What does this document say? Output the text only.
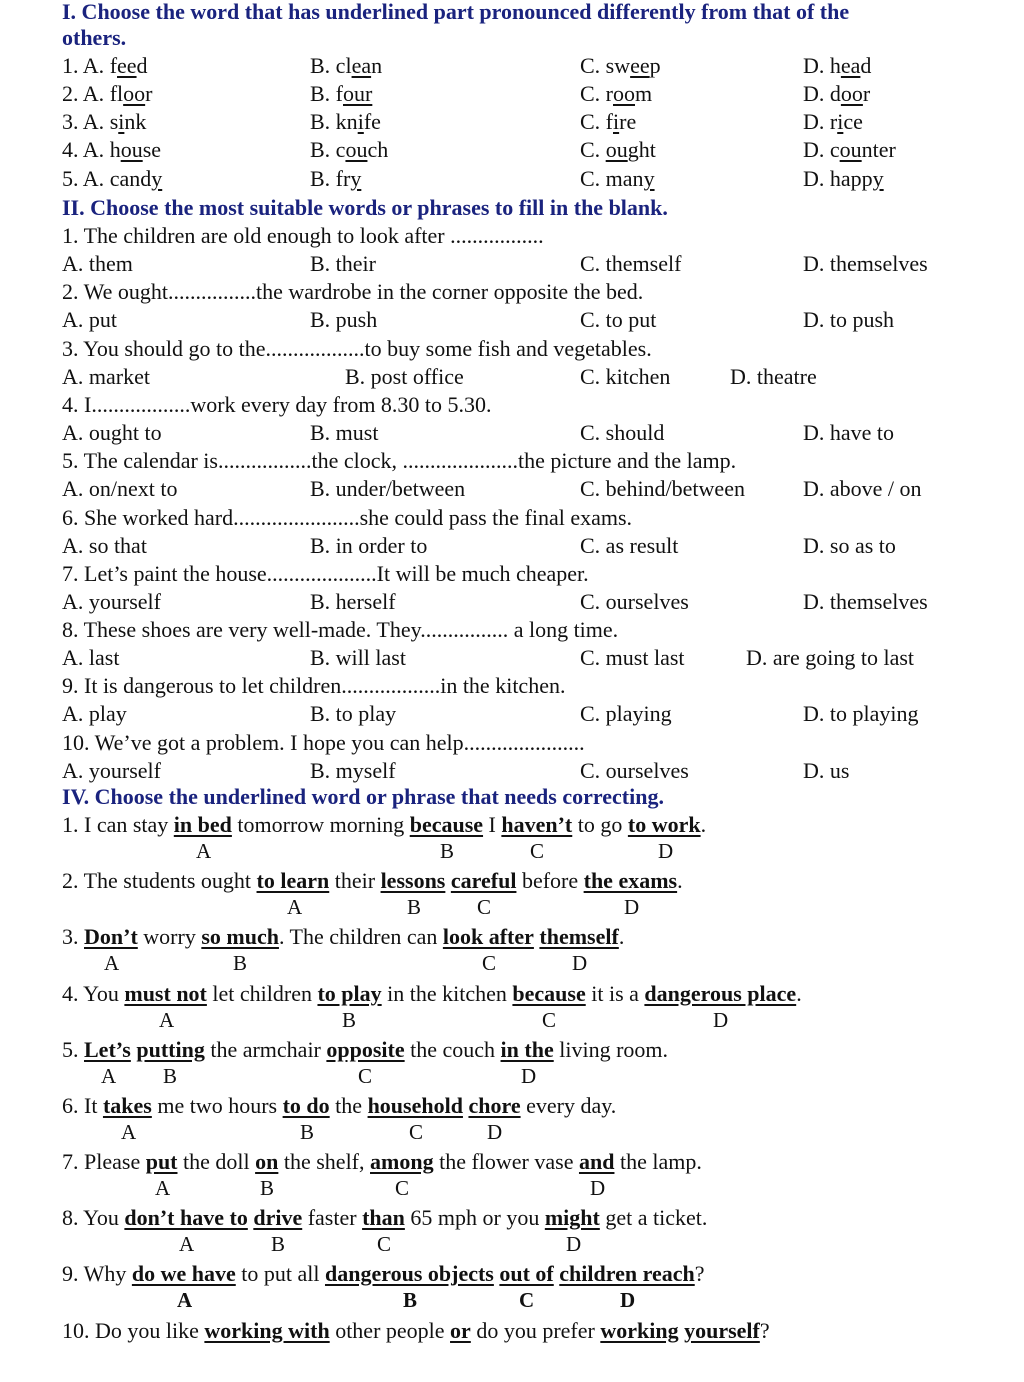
I. Choose the word that has underlined part pronounced differently from that of the
others.
1. A. feed	B. clean	C. sweep	D. head
2. A. floor	B. four	C. room	D. door
3. A. sink	B. knife	C. fire	D. rice
4. A. house	B. couch	C. ought	D. counter
5. A. candy	B. fry	C. many	D. happy
II. Choose the most suitable words or phrases to fill in the blank.
1. The children are old enough to look after .................
A. them	B. their	C. themself	D. themselves
2. We ought................the wardrobe in the corner opposite the bed.
A. put	B. push	C. to put	D. to push
3. You should go to the..................to buy some fish and vegetables.
A. market	B. post office	C. kitchen	D. theatre
4. I..................work every day from 8.30 to 5.30.
A. ought to	B. must	C. should	D. have to
5. The calendar is.................the clock, .....................the picture and the lamp.
A. on/next to	B. under/between	C. behind/between	D. above / on
6. She worked hard.......................she could pass the final exams.
A. so that	B. in order to	C. as result	D. so as to
7. Let’s paint the house....................It will be much cheaper.
A. yourself	B. herself	C. ourselves	D. themselves
8. These shoes are very well-made. They................ a long time.
A. last	B. will last	C. must last	D. are going to last
9. It is dangerous to let children..................in the kitchen.
A. play	B. to play	C. playing	D. to playing
10. We’ve got a problem. I hope you can help......................
A. yourself	B. myself	C. ourselves	D. us
IV. Choose the underlined word or phrase that needs correcting.
1. I can stay in bed tomorrow morning because I haven’t to go to work.
A	B	C	D
2. The students ought to learn their lessons careful before the exams.
A	B	C	D
3. Don’t worry so much. The children can look after themself.
A	B	C	D
4. You must not let children to play in the kitchen because it is a dangerous place.
A	B	C	D
5. Let’s putting the armchair opposite the couch in the living room.
A B	C	D
6. It takes me two hours to do the household chore every day.
A	B	C	D
7. Please put the doll on the shelf, among the flower vase and the lamp.
A	B	C	D
8. You don’t have to drive faster than 65 mph or you might get a ticket.
A	B	C	D
9. Why do we have to put all dangerous objects out of children reach?
A	B	C	D
10. Do you like working with other people or do you prefer working yourself?
